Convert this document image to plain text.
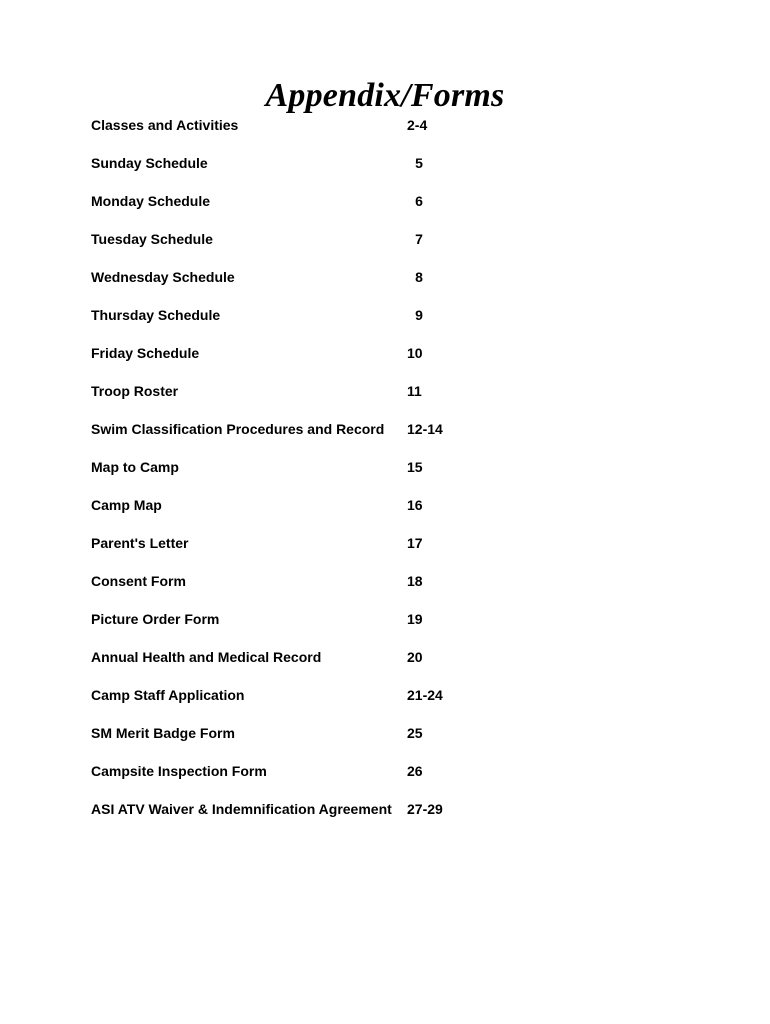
Appendix/Forms
Classes and Activities	2-4
Sunday Schedule	5
Monday Schedule	6
Tuesday Schedule	7
Wednesday Schedule	8
Thursday Schedule	9
Friday Schedule	10
Troop Roster	11
Swim Classification Procedures and Record 12-14
Map to Camp	15
Camp Map	16
Parent's Letter	17
Consent Form	18
Picture Order Form	19
Annual Health and Medical Record	20
Camp Staff Application	21-24
SM Merit Badge Form	25
Campsite Inspection Form	26
ASI ATV Waiver & Indemnification Agreement 27-29
